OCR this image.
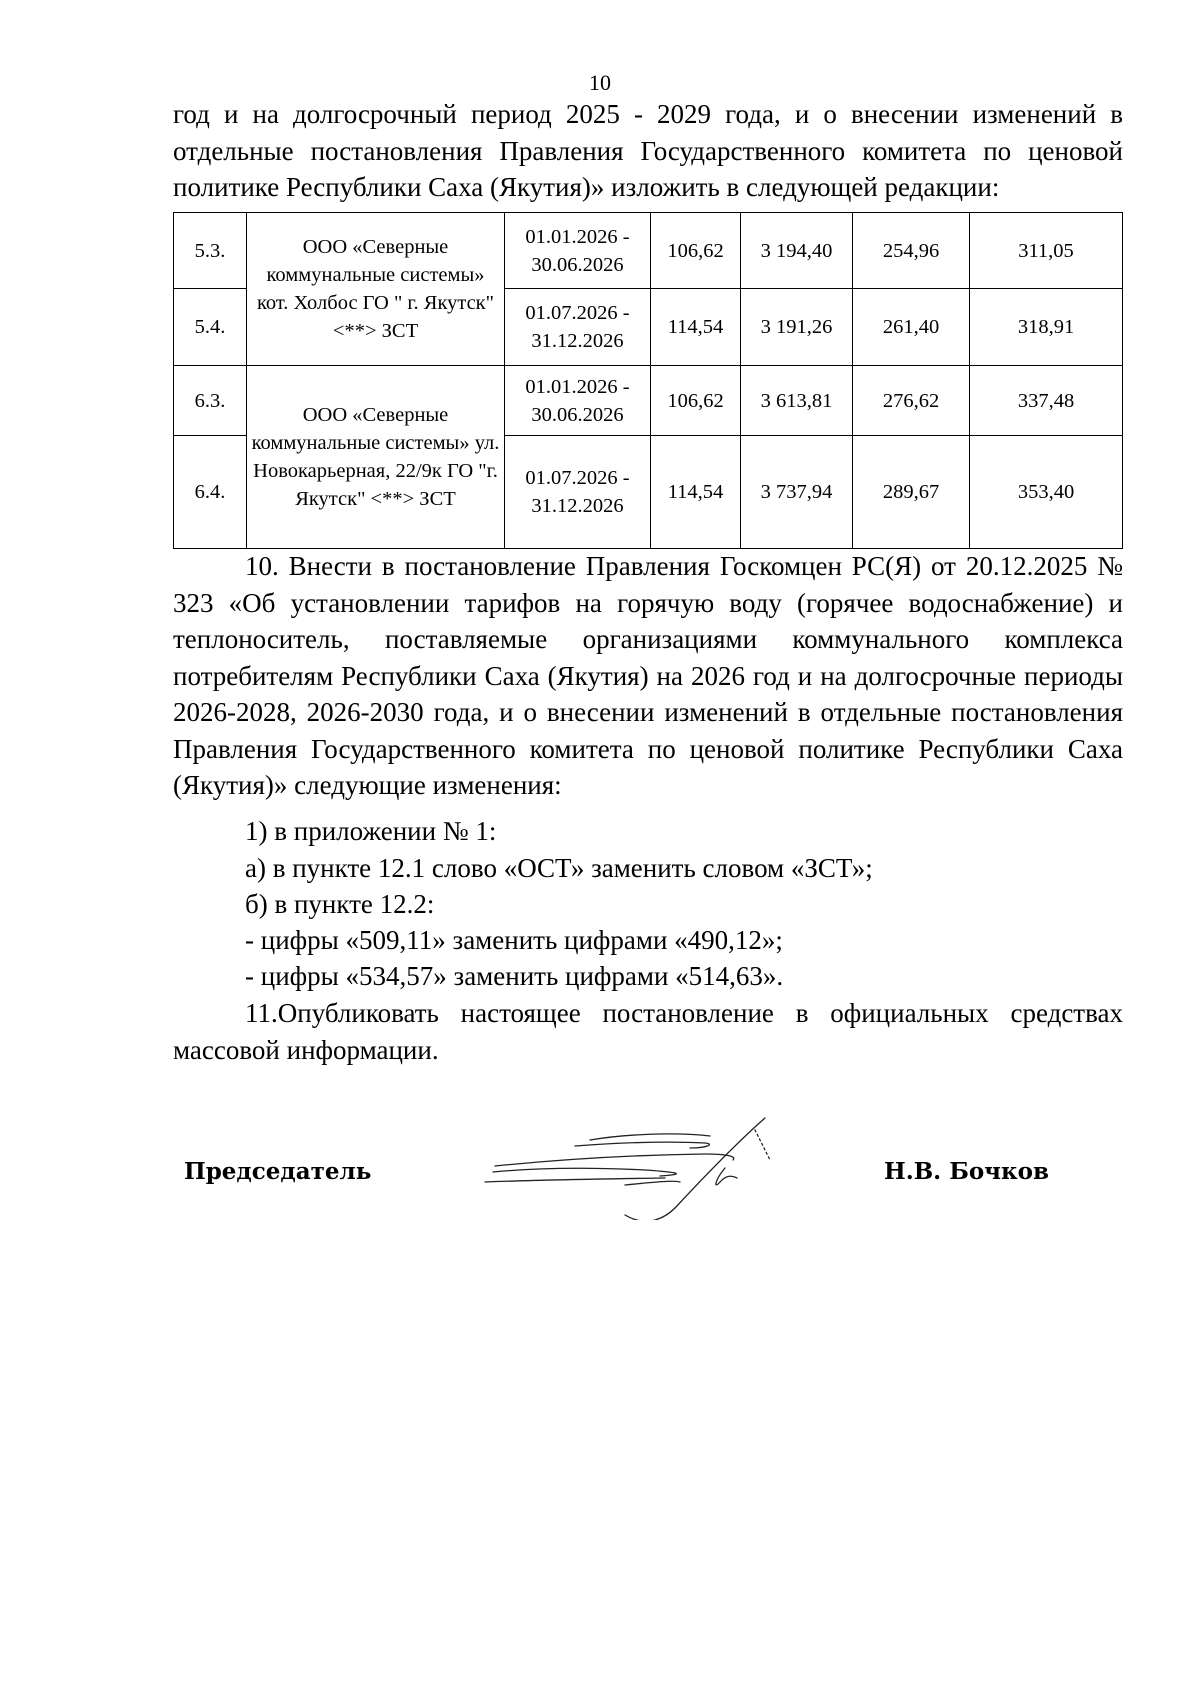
10
год и на долгосрочный период 2025 - 2029 года, и о внесении изменений в отдельные постановления Правления Государственного комитета по ценовой политике Республики Саха (Якутия)» изложить в следующей редакции:
5.3.	ООО «Северные коммунальные системы» кот. Холбос ГО " г. Якутск" <**> ЗСТ	01.01.2026 - 30.06.2026	106,62	3 194,40	254,96	311,05
5.4.		01.07.2026 - 31.12.2026	114,54	3 191,26	261,40	318,91
6.3.	ООО «Северные коммунальные системы» ул. Новокарьерная, 22/9к ГО "г. Якутск" <**> ЗСТ	01.01.2026 - 30.06.2026	106,62	3 613,81	276,62	337,48
6.4.		01.07.2026 - 31.12.2026	114,54	3 737,94	289,67	353,40
10. Внести в постановление Правления Госкомцен РС(Я) от 20.12.2025 № 323 «Об установлении тарифов на горячую воду (горячее водоснабжение) и теплоноситель, поставляемые организациями коммунального комплекса потребителям Республики Саха (Якутия) на 2026 год и на долгосрочные периоды 2026-2028, 2026-2030 года, и о внесении изменений в отдельные постановления Правления Государственного комитета по ценовой политике Республики Саха (Якутия)» следующие изменения:
1) в приложении № 1:
а) в пункте 12.1 слово «ОСТ» заменить словом «ЗСТ»;
б) в пункте 12.2:
- цифры «509,11» заменить цифрами «490,12»;
- цифры «534,57» заменить цифрами «514,63».
11.Опубликовать настоящее постановление в официальных средствах массовой информации.
Председатель	Н.В. Бочков
